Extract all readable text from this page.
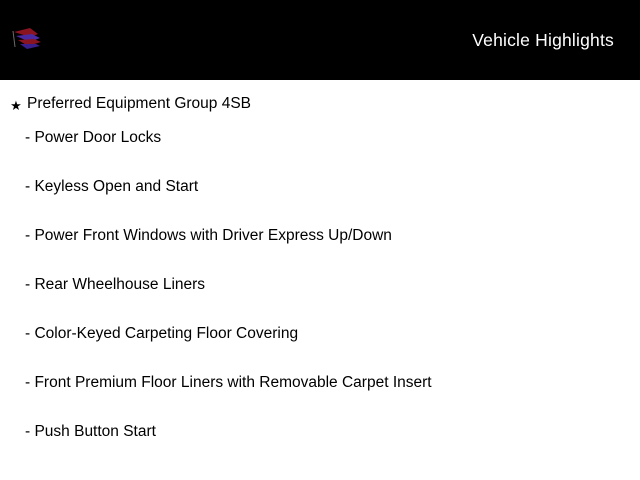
Vehicle Highlights
★ Preferred Equipment Group 4SB
- Power Door Locks
- Keyless Open and Start
- Power Front Windows with Driver Express Up/Down
- Rear Wheelhouse Liners
- Color-Keyed Carpeting Floor Covering
- Front Premium Floor Liners with Removable Carpet Insert
- Push Button Start
